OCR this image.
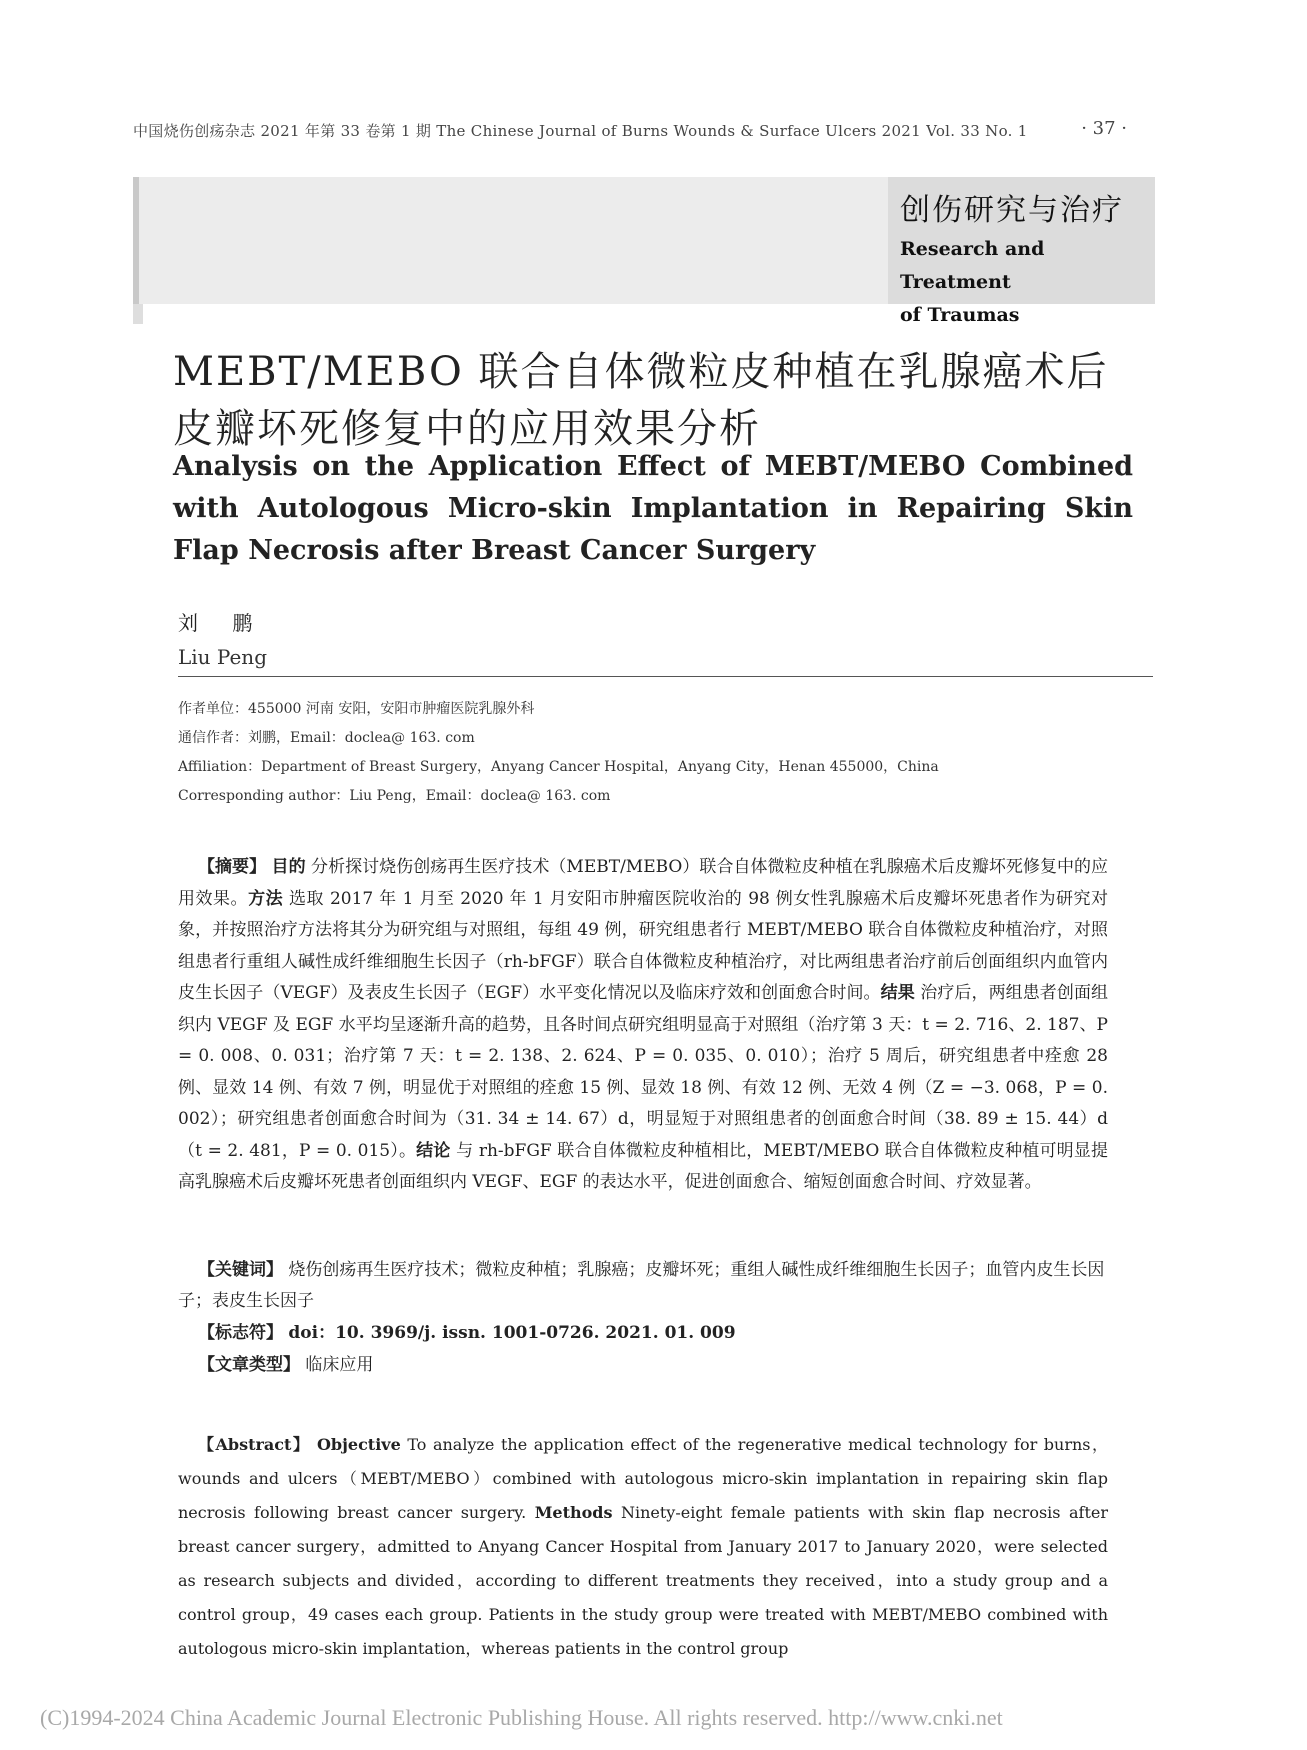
中国烧伤创疡杂志 2021 年第 33 卷第 1 期 The Chinese Journal of Burns Wounds & Surface Ulcers 2021 Vol. 33 No. 1	· 37 ·
创伤研究与治疗
Research and Treatment
of Traumas
MEBT/MEBO 联合自体微粒皮种植在乳腺癌术后皮瓣坏死修复中的应用效果分析
Analysis on the Application Effect of MEBT/MEBO Combined with Autologous Micro-skin Implantation in Repairing Skin Flap Necrosis after Breast Cancer Surgery
刘 鹏
Liu Peng
作者单位：455000 河南 安阳，安阳市肿瘤医院乳腺外科
通信作者：刘鹏，Email：doclea@ 163. com
Affiliation：Department of Breast Surgery，Anyang Cancer Hospital，Anyang City，Henan 455000，China
Corresponding author：Liu Peng，Email：doclea@ 163. com
【摘要】 目的 分析探讨烧伤创疡再生医疗技术（MEBT/MEBO）联合自体微粒皮种植在乳腺癌术后皮瓣坏死修复中的应用效果。方法 选取 2017 年 1 月至 2020 年 1 月安阳市肿瘤医院收治的 98 例女性乳腺癌术后皮瓣坏死患者作为研究对象，并按照治疗方法将其分为研究组与对照组，每组 49 例，研究组患者行 MEBT/MEBO 联合自体微粒皮种植治疗，对照组患者行重组人碱性成纤维细胞生长因子（rh-bFGF）联合自体微粒皮种植治疗，对比两组患者治疗前后创面组织内血管内皮生长因子（VEGF）及表皮生长因子（EGF）水平变化情况以及临床疗效和创面愈合时间。结果 治疗后，两组患者创面组织内 VEGF 及 EGF 水平均呈逐渐升高的趋势，且各时间点研究组明显高于对照组（治疗第 3 天：t = 2. 716、2. 187、P = 0. 008、0. 031；治疗第 7 天：t = 2. 138、2. 624、P = 0. 035、0. 010）；治疗 5 周后，研究组患者中痊愈 28 例、显效 14 例、有效 7 例，明显优于对照组的痊愈 15 例、显效 18 例、有效 12 例、无效 4 例（Z = −3. 068，P = 0. 002）；研究组患者创面愈合时间为（31. 34 ± 14. 67）d，明显短于对照组患者的创面愈合时间（38. 89 ± 15. 44）d（t = 2. 481，P = 0. 015）。结论 与 rh-bFGF 联合自体微粒皮种植相比，MEBT/MEBO 联合自体微粒皮种植可明显提高乳腺癌术后皮瓣坏死患者创面组织内 VEGF、EGF 的表达水平，促进创面愈合、缩短创面愈合时间、疗效显著。
【关键词】 烧伤创疡再生医疗技术；微粒皮种植；乳腺癌；皮瓣坏死；重组人碱性成纤维细胞生长因子；血管内皮生长因子；表皮生长因子
【标志符】 doi：10. 3969/j. issn. 1001-0726. 2021. 01. 009
【文章类型】 临床应用
【Abstract】 Objective To analyze the application effect of the regenerative medical technology for burns，wounds and ulcers（MEBT/MEBO）combined with autologous micro-skin implantation in repairing skin flap necrosis following breast cancer surgery. Methods Ninety-eight female patients with skin flap necrosis after breast cancer surgery，admitted to Anyang Cancer Hospital from January 2017 to January 2020，were selected as research subjects and divided，according to different treatments they received，into a study group and a control group，49 cases each group. Patients in the study group were treated with MEBT/MEBO combined with autologous micro-skin implantation，whereas patients in the control group
(C)1994-2024 China Academic Journal Electronic Publishing House. All rights reserved. http://www.cnki.net
